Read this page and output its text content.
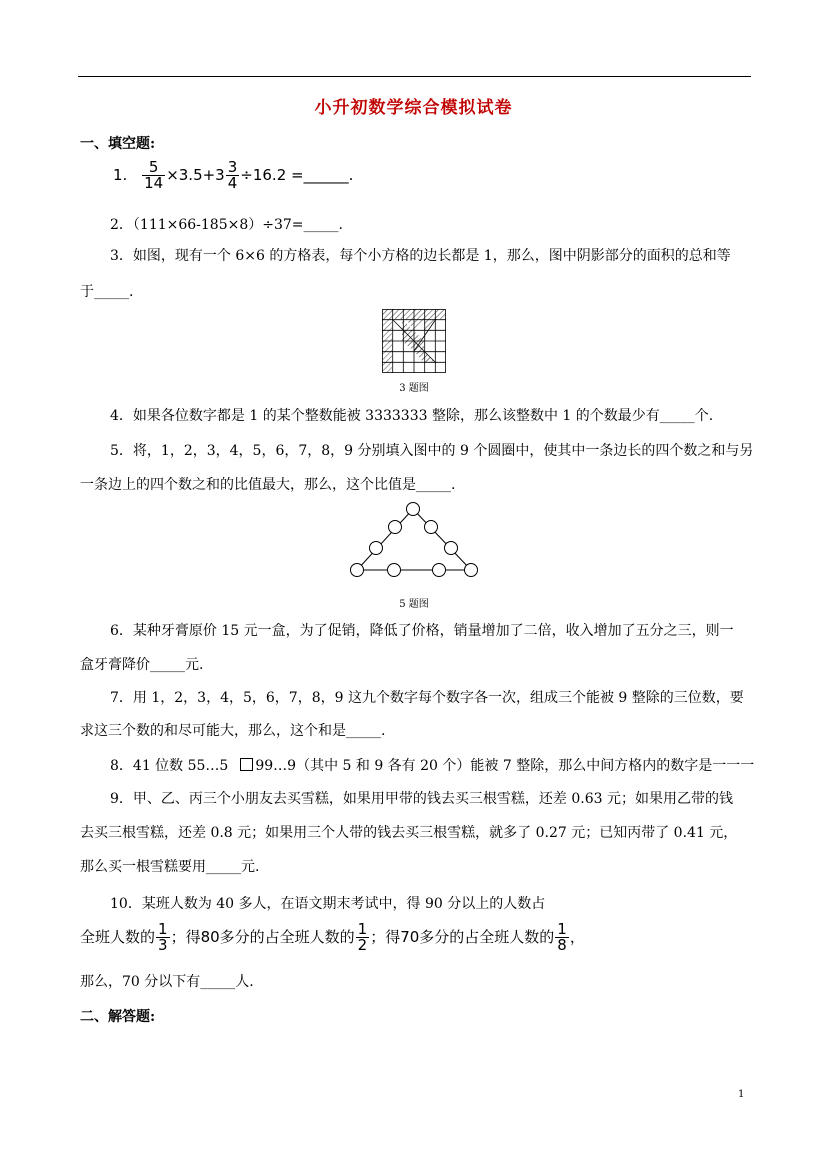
小升初数学综合模拟试卷
一、填空题:
1. $\frac{5}{14} \times 3.5+3 \frac{3}{4} \div 16.2$ =______.
2．（111×66-185×8）÷37=_____.
3．如图，现有一个 6×6 的方格表，每个小方格的边长都是 1，那么，图中阴影部分的面积的总和等
于_____.
3 题图
4．如果各位数字都是 1 的某个整数能被 3333333 整除，那么该整数中 1 的个数最少有_____个.
5．将，1，2，3，4，5，6，7，8，9 分别填入图中的 9 个圆圈中，使其中一条边长的四个数之和与另
一条边上的四个数之和的比值最大，那么，这个比值是_____.
5 题图
6．某种牙膏原价 15 元一盒，为了促销，降低了价格，销量增加了二倍，收入增加了五分之三，则一
盒牙膏降价_____元.
7．用 1，2，3，4，5，6，7，8，9 这九个数字每个数字各一次，组成三个能被 9 整除的三位数，要
求这三个数的和尽可能大，那么，这个和是_____.
8．41 位数 55…5 99…9（其中 5 和 9 各有 20 个）能被 7 整除，那么中间方格内的数字是一一一
9．甲、乙、丙三个小朋友去买雪糕，如果用甲带的钱去买三根雪糕，还差 0.63 元；如果用乙带的钱
去买三根雪糕，还差 0.8 元；如果用三个人带的钱去买三根雪糕，就多了 0.27 元；已知丙带了 0.41 元，
那么买一根雪糕要用_____元.
10．某班人数为 40 多人，在语文期末考试中，得 90 分以上的人数占
全班人数的 $\frac{1}{3}$ ；得80多分的占全班人数的 $\frac{1}{2}$ ；得70多分的占全班人数的 $\frac{1}{8}$ ，
那么，70 分以下有_____人.
二、解答题:
1
